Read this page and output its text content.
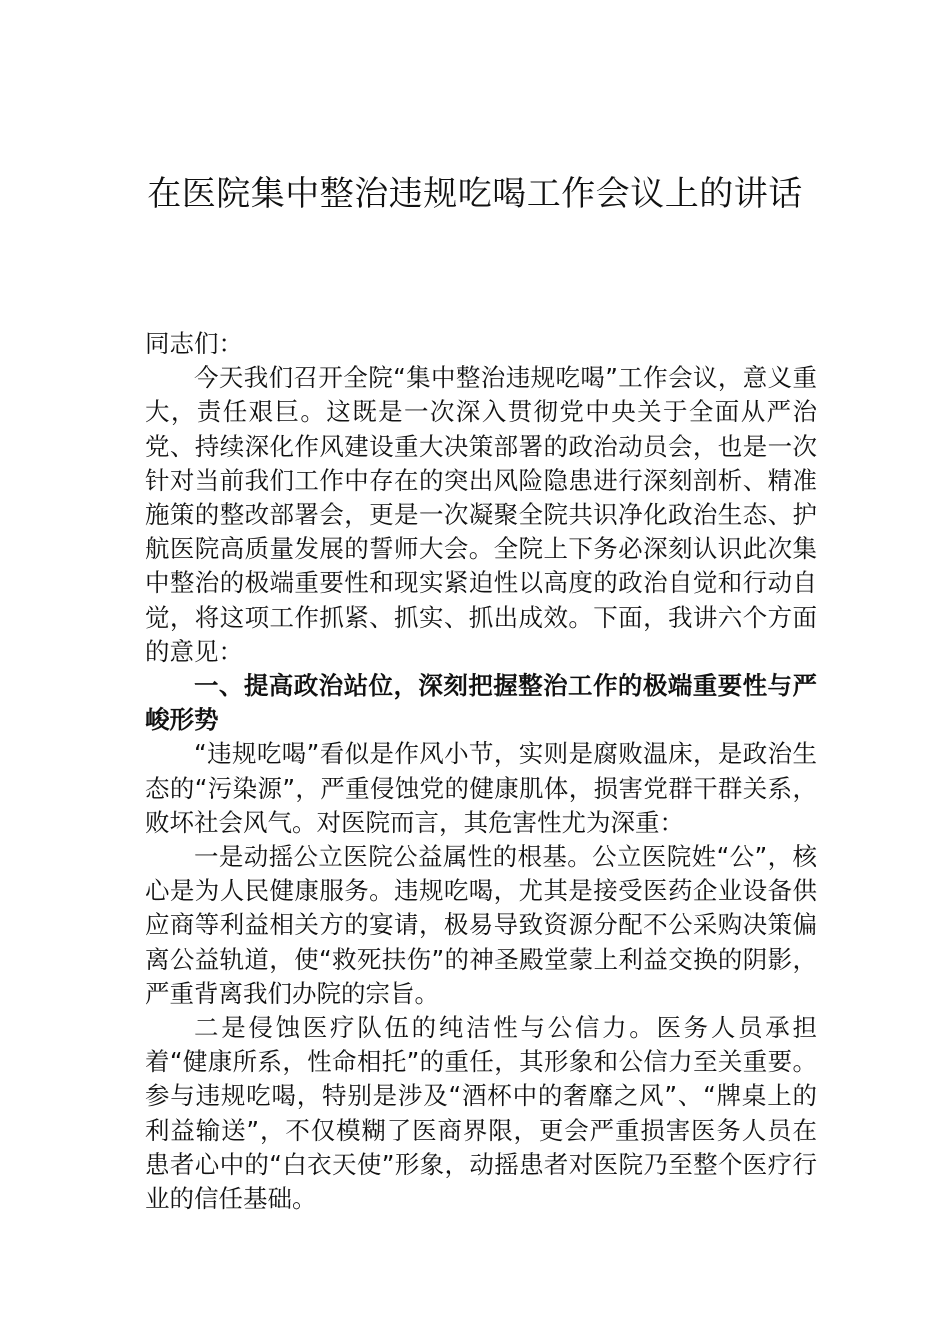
在医院集中整治违规吃喝工作会议上的讲话

同志们：

今天我们召开全院“集中整治违规吃喝”工作会议，意义重大，责任艰巨。这既是一次深入贯彻党中央关于全面从严治党、持续深化作风建设重大决策部署的政治动员会，也是一次针对当前我们工作中存在的突出风险隐患进行深刻剖析、精准施策的整改部署会，更是一次凝聚全院共识净化政治生态、护航医院高质量发展的誓师大会。全院上下务必深刻认识此次集中整治的极端重要性和现实紧迫性以高度的政治自觉和行动自觉，将这项工作抓紧、抓实、抓出成效。下面，我讲六个方面的意见：

一、提高政治站位，深刻把握整治工作的极端重要性与严峻形势

“违规吃喝”看似是作风小节，实则是腐败温床，是政治生态的“污染源”，严重侵蚀党的健康肌体，损害党群干群关系，败坏社会风气。对医院而言，其危害性尤为深重：

一是动摇公立医院公益属性的根基。公立医院姓“公”，核心是为人民健康服务。违规吃喝，尤其是接受医药企业设备供应商等利益相关方的宴请，极易导致资源分配不公采购决策偏离公益轨道，使“救死扶伤”的神圣殿堂蒙上利益交换的阴影，严重背离我们办院的宗旨。

二是侵蚀医疗队伍的纯洁性与公信力。医务人员承担着“健康所系，性命相托”的重任，其形象和公信力至关重要。参与违规吃喝，特别是涉及“酒杯中的奢靡之风”、“牌桌上的利益输送”，不仅模糊了医商界限，更会严重损害医务人员在患者心中的“白衣天使”形象，动摇患者对医院乃至整个医疗行业的信任基础。
